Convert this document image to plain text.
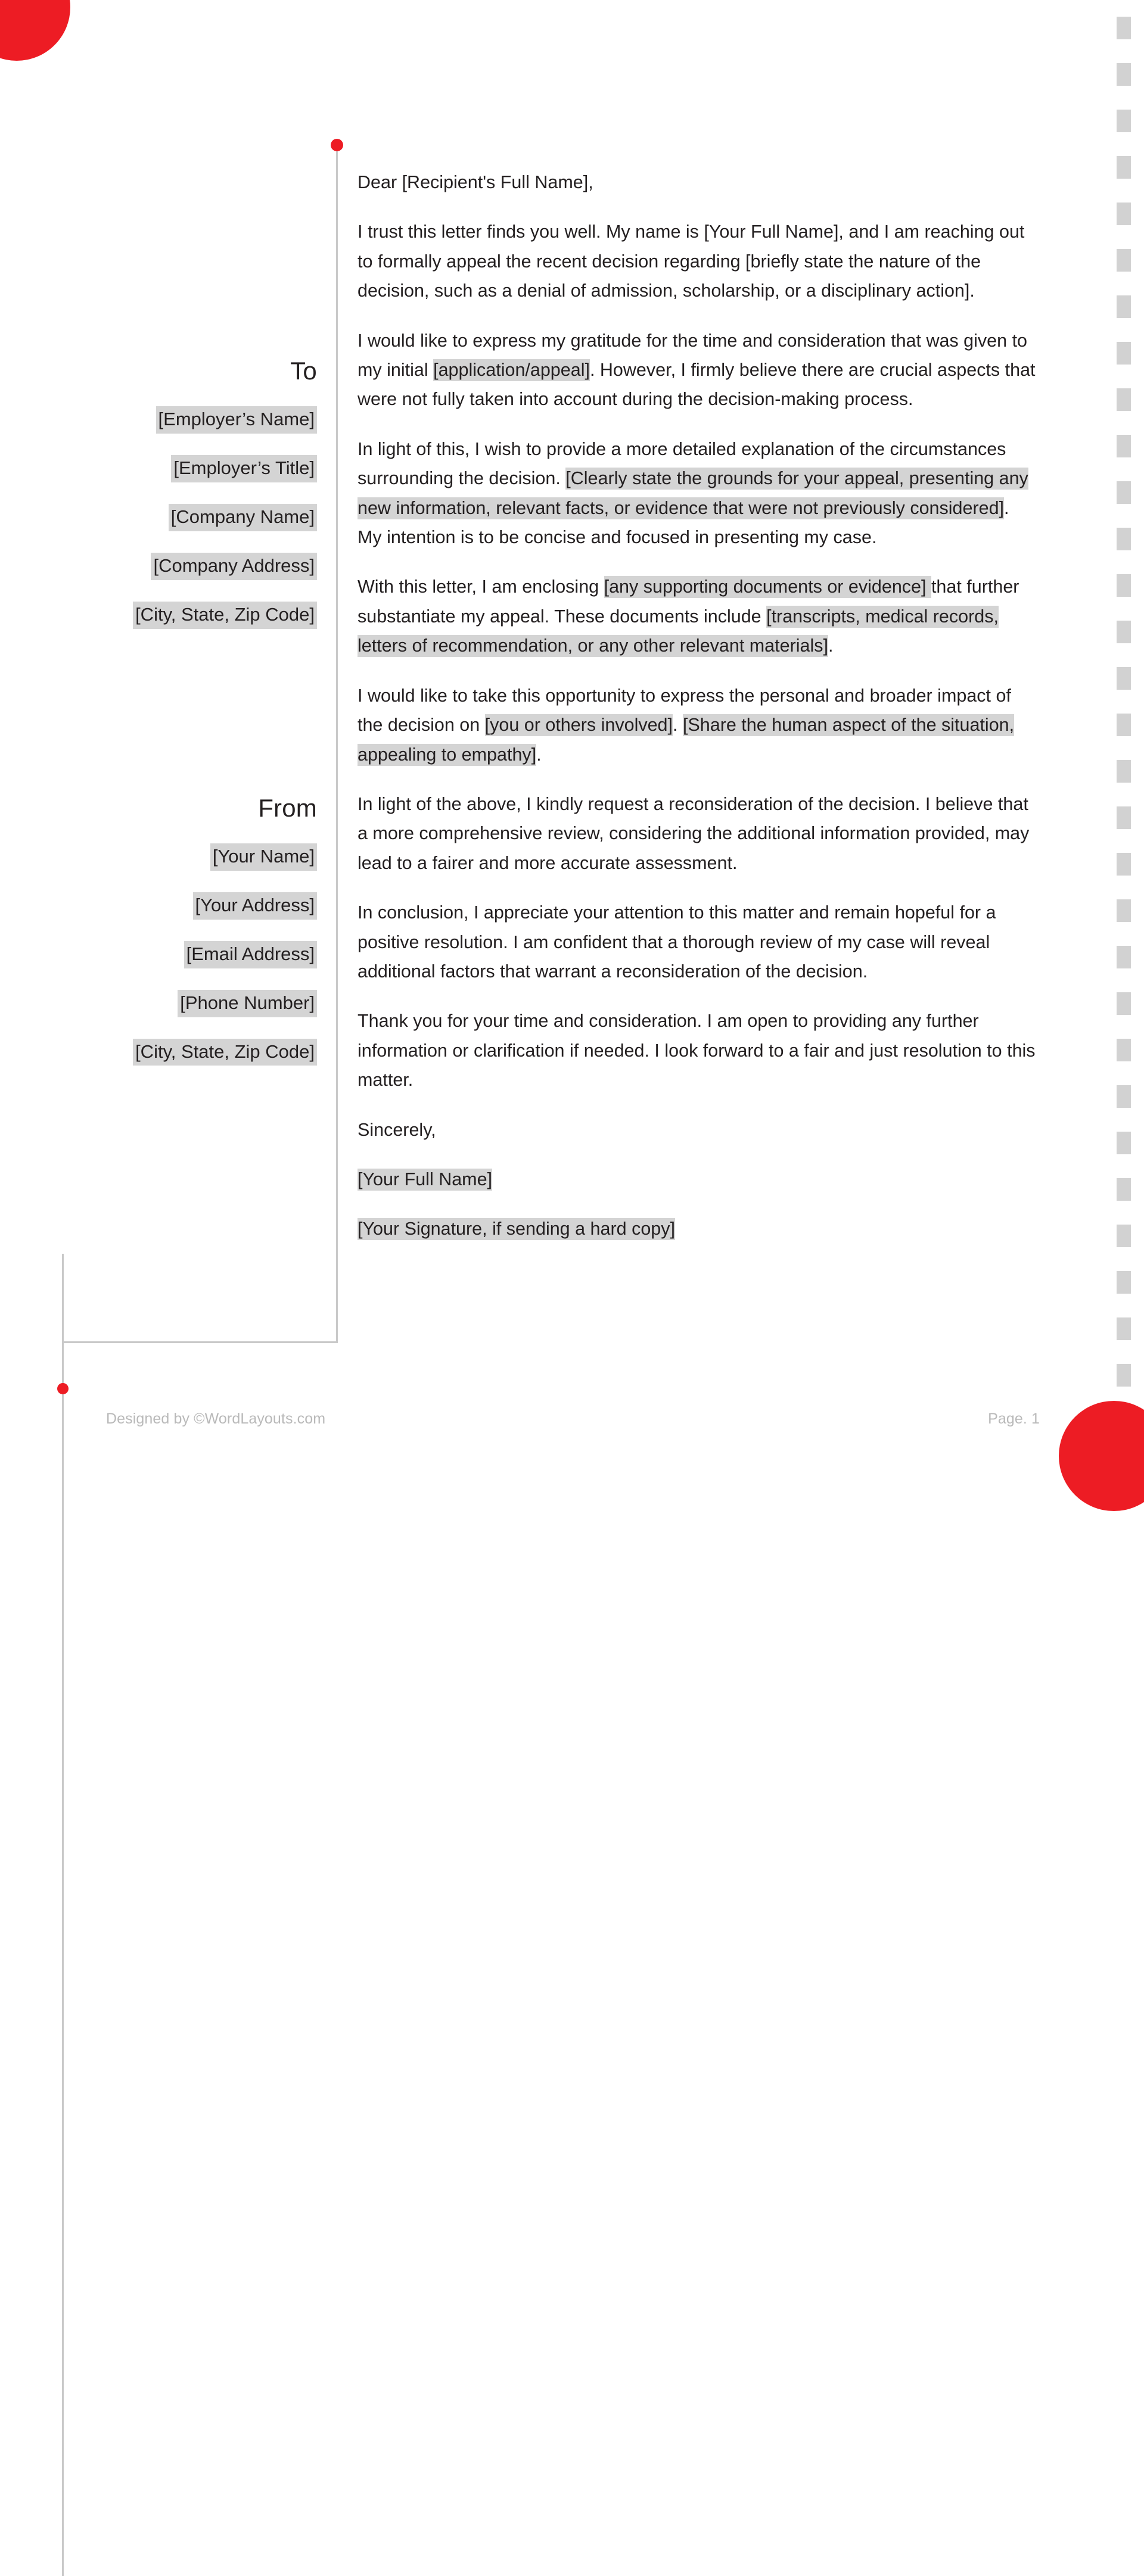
To
[Employer’s Name]
[Employer’s Title]
[Company Name]
[Company Address]
[City, State, Zip Code]
From
[Your Name]
[Your Address]
[Email Address]
[Phone Number]
[City, State, Zip Code]

Dear [Recipient's Full Name],

I trust this letter finds you well. My name is [Your Full Name], and I am reaching out to formally appeal the recent decision regarding [briefly state the nature of the decision, such as a denial of admission, scholarship, or a disciplinary action].

I would like to express my gratitude for the time and consideration that was given to my initial [application/appeal]. However, I firmly believe there are crucial aspects that were not fully taken into account during the decision-making process.

In light of this, I wish to provide a more detailed explanation of the circumstances surrounding the decision. [Clearly state the grounds for your appeal, presenting any new information, relevant facts, or evidence that were not previously considered]. My intention is to be concise and focused in presenting my case.

With this letter, I am enclosing [any supporting documents or evidence] that further substantiate my appeal. These documents include [transcripts, medical records, letters of recommendation, or any other relevant materials].

I would like to take this opportunity to express the personal and broader impact of the decision on [you or others involved]. [Share the human aspect of the situation, appealing to empathy].

In light of the above, I kindly request a reconsideration of the decision. I believe that a more comprehensive review, considering the additional information provided, may lead to a fairer and more accurate assessment.

In conclusion, I appreciate your attention to this matter and remain hopeful for a positive resolution. I am confident that a thorough review of my case will reveal additional factors that warrant a reconsideration of the decision.

Thank you for your time and consideration. I am open to providing any further information or clarification if needed. I look forward to a fair and just resolution to this matter.

Sincerely,

[Your Full Name]

[Your Signature, if sending a hard copy]

Designed by ©WordLayouts.com	Page. 1
